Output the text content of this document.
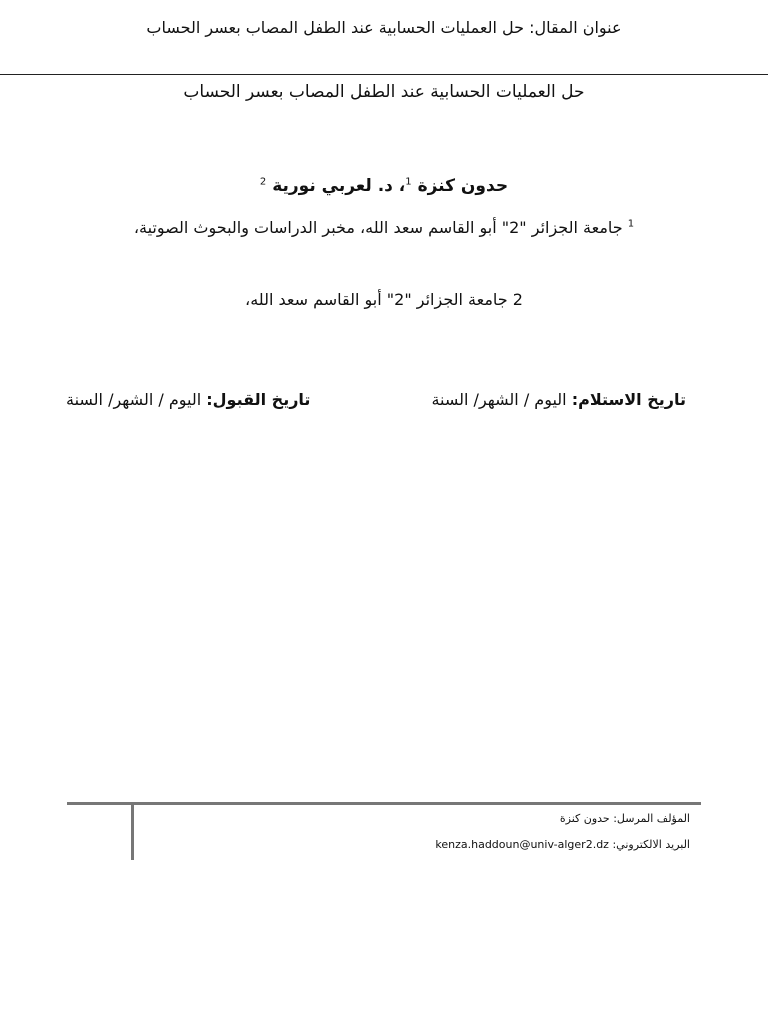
عنوان المقال: حل العمليات الحسابية عند الطفل المصاب بعسر الحساب
حل العمليات الحسابية عند الطفل المصاب بعسر الحساب
حدون كنزة $^1$، د. لعربي نورية $^2$
$^1$ جامعة الجزائر "2" أبو القاسم سعد الله، مخبر الدراسات والبحوث الصوتية،
2 جامعة الجزائر "2" أبو القاسم سعد الله،
تاريخ الاستلام: اليوم / الشهر/ السنة
تاريخ القبول: اليوم / الشهر/ السنة
المؤلف المرسل: حدون كنزة
البريد الالكتروني: kenza.haddoun@univ-alger2.dz
